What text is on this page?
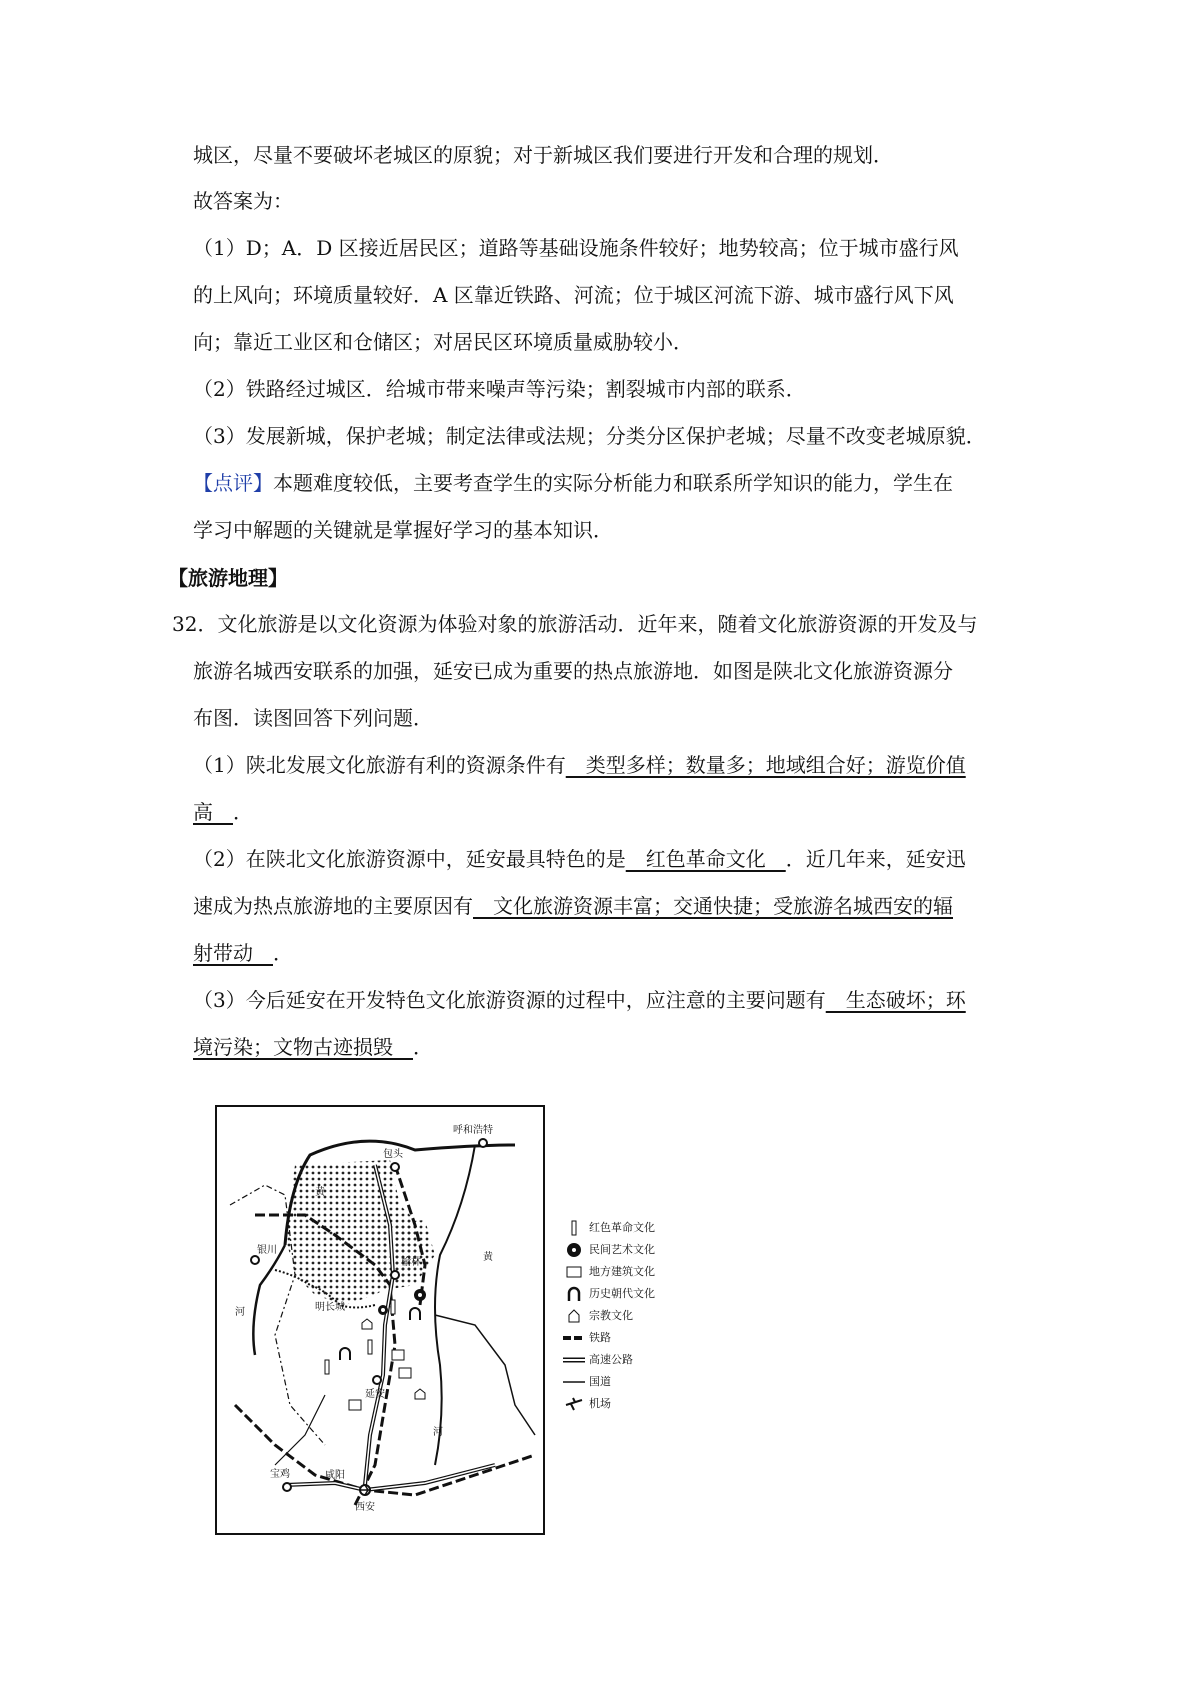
城区，尽量不要破坏老城区的原貌；对于新城区我们要进行开发和合理的规划．
故答案为：
（1）D；A．D 区接近居民区；道路等基础设施条件较好；地势较高；位于城市盛行风
的上风向；环境质量较好．A 区靠近铁路、河流；位于城区河流下游、城市盛行风下风
向；靠近工业区和仓储区；对居民区环境质量威胁较小．
（2）铁路经过城区．给城市带来噪声等污染；割裂城市内部的联系．
（3）发展新城，保护老城；制定法律或法规；分类分区保护老城；尽量不改变老城原貌．
【点评】本题难度较低，主要考查学生的实际分析能力和联系所学知识的能力，学生在
学习中解题的关键就是掌握好学习的基本知识．
【旅游地理】
32．文化旅游是以文化资源为体验对象的旅游活动．近年来，随着文化旅游资源的开发及与
旅游名城西安联系的加强，延安已成为重要的热点旅游地．如图是陕北文化旅游资源分
布图．读图回答下列问题．
（1）陕北发展文化旅游有利的资源条件有　类型多样；数量多；地域组合好；游览价值
高　．
（2）在陕北文化旅游资源中，延安最具特色的是　红色革命文化　．近几年来，延安迅
速成为热点旅游地的主要原因有　文化旅游资源丰富；交通快捷；受旅游名城西安的辐
射带动　．
（3）今后延安在开发特色文化旅游资源的过程中，应注意的主要问题有　生态破坏；环
境污染；文物古迹损毁　．
包头
呼和浩特
银川
榆林
延安
宝鸡	咸阳
西安
黄
黄
河
河
明长城
红色革命文化
民间艺术文化
地方建筑文化
历史朝代文化
宗教文化
铁路
高速公路
国道
机场
